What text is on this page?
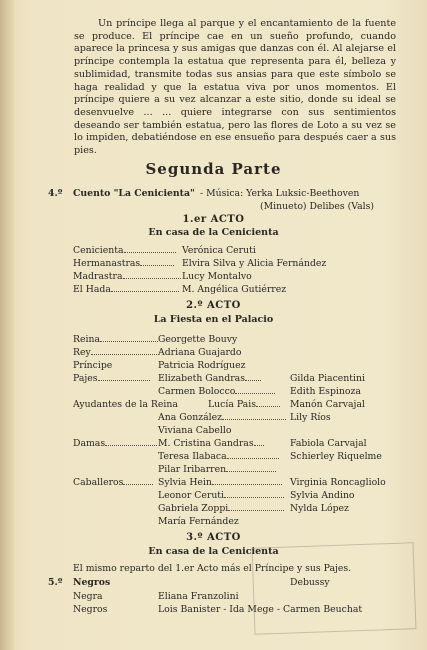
Un príncipe llega al parque y el encantamiento de la fuente se produce. El príncipe cae en un sueño profundo, cuando aparece la princesa y sus amigas que danzas con él. Al alejarse el príncipe contempla la estatua que representa para él, belleza y sublimidad, transmite todas sus ansias para que este símbolo se haga realidad y que la estatua viva por unos momentos. El príncipe quiere a su vez alcanzar a este sitio, donde su ideal se desenvuelve ... ... quiere integrarse con sus sentimientos deseando ser también estatua, pero las flores de Loto a su vez se lo impiden, debatiéndose en ese ensueño para después caer a sus pies.

Segunda Parte
4.º Cuento "La Cenicienta" - Música: Yerka Luksic-Beethoven
(Minueto) Delibes (Vals)
1.er ACTO
En casa de la Cenicienta
Cenicienta	Verónica Ceruti
Hermanastras	Elvira Silva y Alicia Fernández
Madrastra	Lucy Montalvo
El Hada	M. Angélica Gutiérrez
2.º ACTO
La Fiesta en el Palacio
Reina	Georgette Bouvy
Rey	Adriana Guajardo
Príncipe	Patricia Rodríguez
Pajes	Elizabeth Gandras	Gilda Piacentini
Carmen Bolocco	Edith Espinoza
Ayudantes de la Reina	Lucía Pais	Manón Carvajal
Ana González	Lily Ríos
Viviana Cabello
Damas	M. Cristina Gandras	Fabiola Carvajal
Teresa Ilabaca	Schierley Riquelme
Pilar Iribarren
Caballeros	Sylvia Hein	Virginia Roncagliolo
Leonor Ceruti	Sylvia Andino
Gabriela Zoppi	Nylda López
María Fernández
3.º ACTO
En casa de la Cenicienta
El mismo reparto del 1.er Acto más el Príncipe y sus Pajes.
5.º Negros	Debussy
Negra	Eliana Franzolini
Negros	Lois Banister - Ida Mege - Carmen Beuchat
